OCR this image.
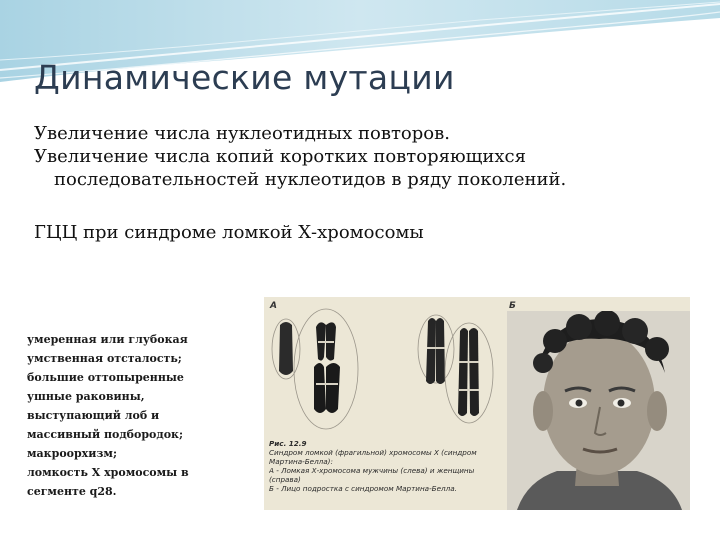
Динамические мутации
Увеличение числа нуклеотидных повторов.
Увеличение числа копий коротких повторяющихся
последовательностей нуклеотидов в ряду поколений.
ГЦЦ при синдроме ломкой Х-хромосомы
умеренная или глубокая
умственная отсталость;
большие оттопыренные
ушные раковины,
выступающий лоб и
массивный подбородок;
макроорхизм;
ломкость Х хромосомы в
сегменте q28.
А	Б
Рис. 12.9
Синдром ломкой (фрагильной) хромосомы Х (синдром
Мартина-Белла):
А - Ломкая Х-хромосома мужчины (слева) и женщины
(справа)
Б - Лицо подростка с синдромом Мартина-Белла.
